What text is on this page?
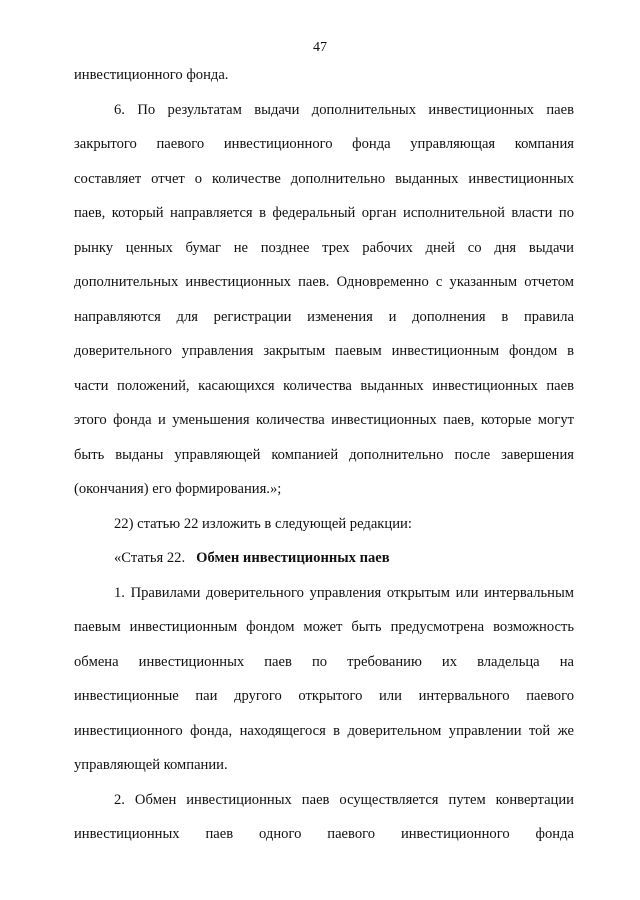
47
инвестиционного фонда.
6. По результатам выдачи дополнительных инвестиционных паев
закрытого паевого инвестиционного фонда управляющая компания
составляет отчет о количестве дополнительно выданных инвестиционных
паев, который направляется в федеральный орган исполнительной власти по
рынку ценных бумаг не позднее трех рабочих дней со дня выдачи
дополнительных инвестиционных паев. Одновременно с указанным отчетом
направляются для регистрации изменения и дополнения в правила
доверительного управления закрытым паевым инвестиционным фондом в
части положений, касающихся количества выданных инвестиционных паев
этого фонда и уменьшения количества инвестиционных паев, которые могут
быть выданы управляющей компанией дополнительно после завершения
(окончания) его формирования.»;
22) статью 22 изложить в следующей редакции:
«Статья 22. Обмен инвестиционных паев
1. Правилами доверительного управления открытым или интервальным
паевым инвестиционным фондом может быть предусмотрена возможность
обмена инвестиционных паев по требованию их владельца на
инвестиционные паи другого открытого или интервального паевого
инвестиционного фонда, находящегося в доверительном управлении той же
управляющей компании.
2. Обмен инвестиционных паев осуществляется путем конвертации
инвестиционных паев одного паевого инвестиционного фонда
